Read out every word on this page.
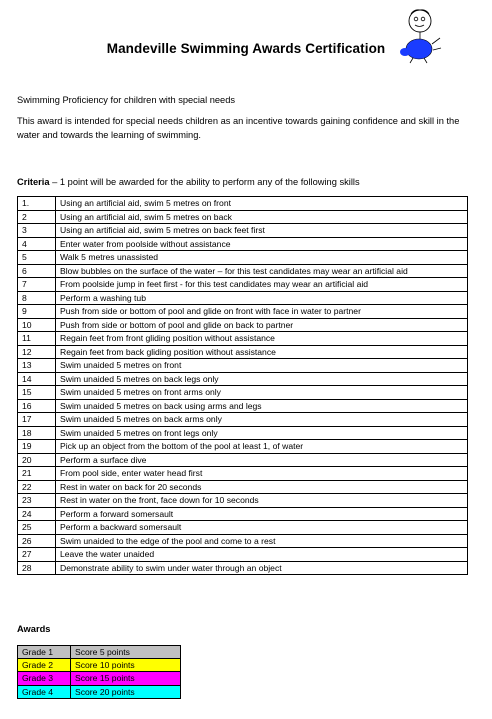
Mandeville Swimming Awards Certification
Swimming Proficiency for children with special needs
This award is intended for special needs children as an incentive towards gaining confidence and skill in the water and towards the learning of swimming.
Criteria – 1 point will be awarded for the ability to perform any of the following skills
1.	Using an artificial aid, swim 5 metres on front
2	Using an artificial aid, swim 5 metres on back
3	Using an artificial aid, swim 5 metres on back feet first
4	Enter water from poolside without assistance
5	Walk 5 metres unassisted
6	Blow bubbles on the surface of the water – for this test candidates may wear an artificial aid
7	From poolside jump in feet first - for this test candidates may wear an artificial aid
8	Perform a washing tub
9	Push from side or bottom of pool and glide on front with face in water to partner
10	Push from side or bottom of pool and glide on back to partner
11	Regain feet from front gliding position without assistance
12	Regain feet from back gliding position without assistance
13	Swim unaided 5 metres on front
14	Swim unaided 5 metres on back legs only
15	Swim unaided 5 metres on front arms only
16	Swim unaided 5 metres on back using arms and legs
17	Swim unaided 5 metres on back arms only
18	Swim unaided 5 metres on front legs only
19	Pick up an object from the bottom of the pool at least 1, of water
20	Perform a surface dive
21	From pool side, enter water head first
22	Rest in water on back for 20 seconds
23	Rest in water on the front, face down for 10 seconds
24	Perform a forward somersault
25	Perform a backward somersault
26	Swim unaided to the edge of the pool and come to a rest
27	Leave the water unaided
28	Demonstrate ability to swim under water through an object
Awards
Grade 1	Score 5 points
Grade 2	Score 10 points
Grade 3	Score 15 points
Grade 4	Score 20 points
